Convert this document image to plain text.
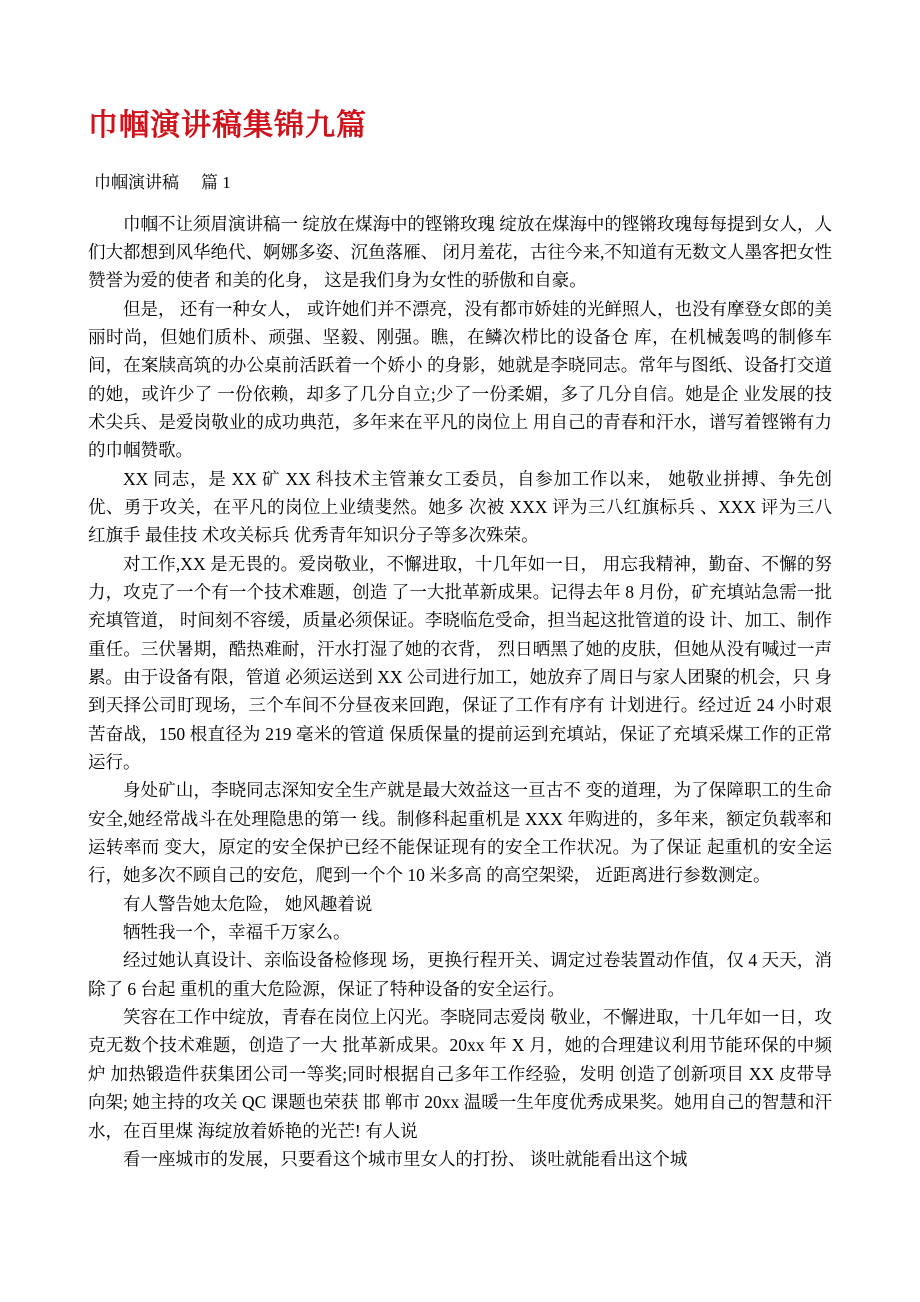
巾帼演讲稿集锦九篇
巾帼演讲稿 篇 1

巾帼不让须眉演讲稿一 绽放在煤海中的铿锵玫瑰 绽放在煤海中的铿锵玫瑰每每提到女人，人们大都想到风华绝代、婀娜多姿、沉鱼落雁、 闭月羞花，古往今来,不知道有无数文人墨客把女性赞誉为爱的使者 和美的化身， 这是我们身为女性的骄傲和自豪。

但是， 还有一种女人， 或许她们并不漂亮，没有都市娇娃的光鲜照人，也没有摩登女郎的美 丽时尚，但她们质朴、顽强、坚毅、刚强。瞧，在鳞次栉比的设备仓 库，在机械轰鸣的制修车间，在案牍高筑的办公桌前活跃着一个娇小 的身影，她就是李晓同志。常年与图纸、设备打交道的她，或许少了 一份依赖，却多了几分自立;少了一份柔媚，多了几分自信。她是企 业发展的技术尖兵、是爱岗敬业的成功典范，多年来在平凡的岗位上 用自己的青春和汗水，谱写着铿锵有力的巾帼赞歌。

XX 同志，是 XX 矿 XX 科技术主管兼女工委员，自参加工作以来， 她敬业拼搏、争先创优、勇于攻关，在平凡的岗位上业绩斐然。她多 次被 XXX 评为三八红旗标兵 、XXX 评为三八红旗手 最佳技 术攻关标兵 优秀青年知识分子等多次殊荣。

对工作,XX 是无畏的。爱岗敬业，不懈进取，十几年如一日， 用忘我精神，勤奋、不懈的努力，攻克了一个有一个技术难题，创造 了一大批革新成果。记得去年 8 月份，矿充填站急需一批充填管道， 时间刻不容缓，质量必须保证。李晓临危受命，担当起这批管道的设 计、加工、制作重任。三伏暑期，酷热难耐，汗水打湿了她的衣背， 烈日晒黑了她的皮肤，但她从没有喊过一声累。由于设备有限，管道 必须运送到 XX 公司进行加工，她放弃了周日与家人团聚的机会，只 身到天择公司盯现场，三个车间不分昼夜来回跑，保证了工作有序有 计划进行。经过近 24 小时艰苦奋战，150 根直径为 219 毫米的管道 保质保量的提前运到充填站，保证了充填采煤工作的正常运行。

身处矿山，李晓同志深知安全生产就是最大效益这一亘古不 变的道理，为了保障职工的生命安全,她经常战斗在处理隐患的第一 线。制修科起重机是 XXX 年购进的，多年来，额定负载率和运转率而 变大，原定的安全保护已经不能保证现有的安全工作状况。为了保证 起重机的安全运行，她多次不顾自己的安危，爬到一个个 10 米多高 的高空架梁， 近距离进行参数测定。

有人警告她太危险， 她风趣着说

牺牲我一个，幸福千万家么。

经过她认真设计、亲临设备检修现 场，更换行程开关、调定过卷装置动作值，仅 4 天天，消除了 6 台起 重机的重大危险源，保证了特种设备的安全运行。

笑容在工作中绽放，青春在岗位上闪光。李晓同志爱岗 敬业，不懈进取，十几年如一日，攻克无数个技术难题，创造了一大 批革新成果。20xx 年 X 月，她的合理建议利用节能环保的中频炉 加热锻造件获集团公司一等奖;同时根据自己多年工作经验，发明 创造了创新项目 XX 皮带导向架; 她主持的攻关 QC 课题也荣获 邯 郸市 20xx 温暖一生年度优秀成果奖。她用自己的智慧和汗水，在百里煤 海绽放着娇艳的光芒! 有人说

看一座城市的发展，只要看这个城市里女人的打扮、 谈吐就能看出这个城
